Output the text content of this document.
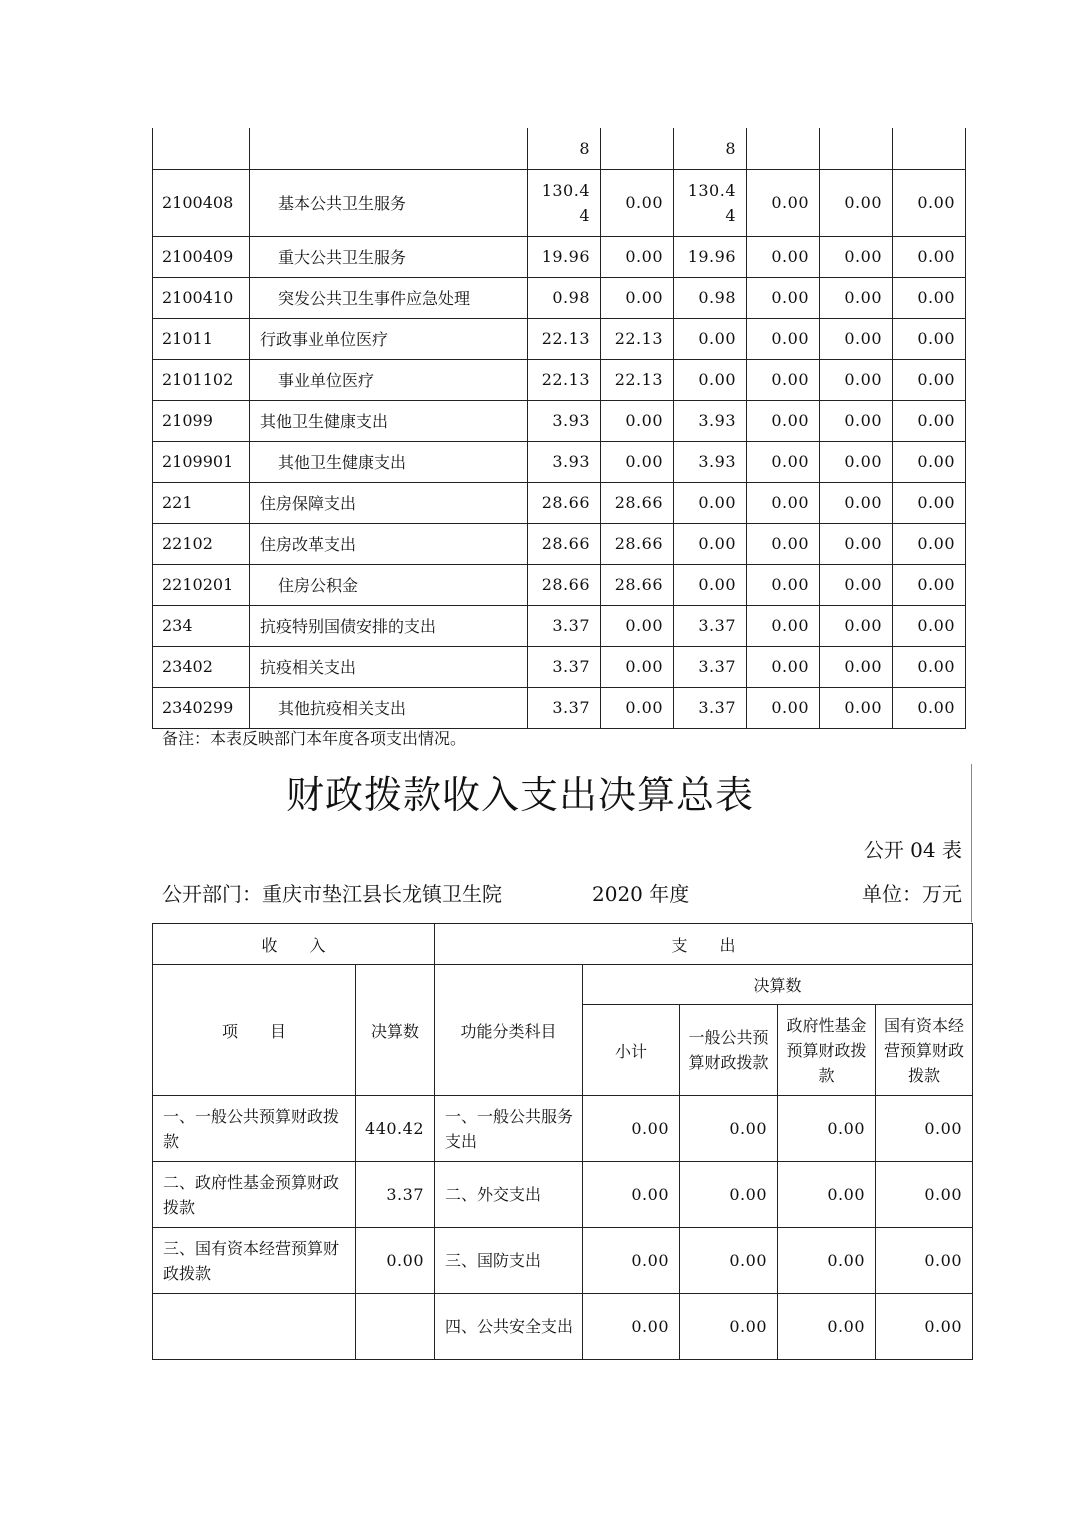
		8		8			
2100408	基本公共卫生服务	130.44	0.00	130.44	0.00	0.00	0.00
2100409	重大公共卫生服务	19.96	0.00	19.96	0.00	0.00	0.00
2100410	突发公共卫生事件应急处理	0.98	0.00	0.98	0.00	0.00	0.00
21011	行政事业单位医疗	22.13	22.13	0.00	0.00	0.00	0.00
2101102	事业单位医疗	22.13	22.13	0.00	0.00	0.00	0.00
21099	其他卫生健康支出	3.93	0.00	3.93	0.00	0.00	0.00
2109901	其他卫生健康支出	3.93	0.00	3.93	0.00	0.00	0.00
221	住房保障支出	28.66	28.66	0.00	0.00	0.00	0.00
22102	住房改革支出	28.66	28.66	0.00	0.00	0.00	0.00
2210201	住房公积金	28.66	28.66	0.00	0.00	0.00	0.00
234	抗疫特别国债安排的支出	3.37	0.00	3.37	0.00	0.00	0.00
23402	抗疫相关支出	3.37	0.00	3.37	0.00	0.00	0.00
2340299	其他抗疫相关支出	3.37	0.00	3.37	0.00	0.00	0.00
备注：本表反映部门本年度各项支出情况。
财政拨款收入支出决算总表
公开 04 表
公开部门：重庆市垫江县长龙镇卫生院	2020 年度	单位：万元
收　　入		支　　出				
项　　目	决算数	功能分类科目	决算数			
			小计	一般公共预算财政拨款	政府性基金预算财政拨款	国有资本经营预算财政拨款
一、一般公共预算财政拨款	440.42	一、一般公共服务支出	0.00	0.00	0.00	0.00
二、政府性基金预算财政拨款	3.37	二、外交支出	0.00	0.00	0.00	0.00
三、国有资本经营预算财政拨款	0.00	三、国防支出	0.00	0.00	0.00	0.00
		四、公共安全支出	0.00	0.00	0.00	0.00
